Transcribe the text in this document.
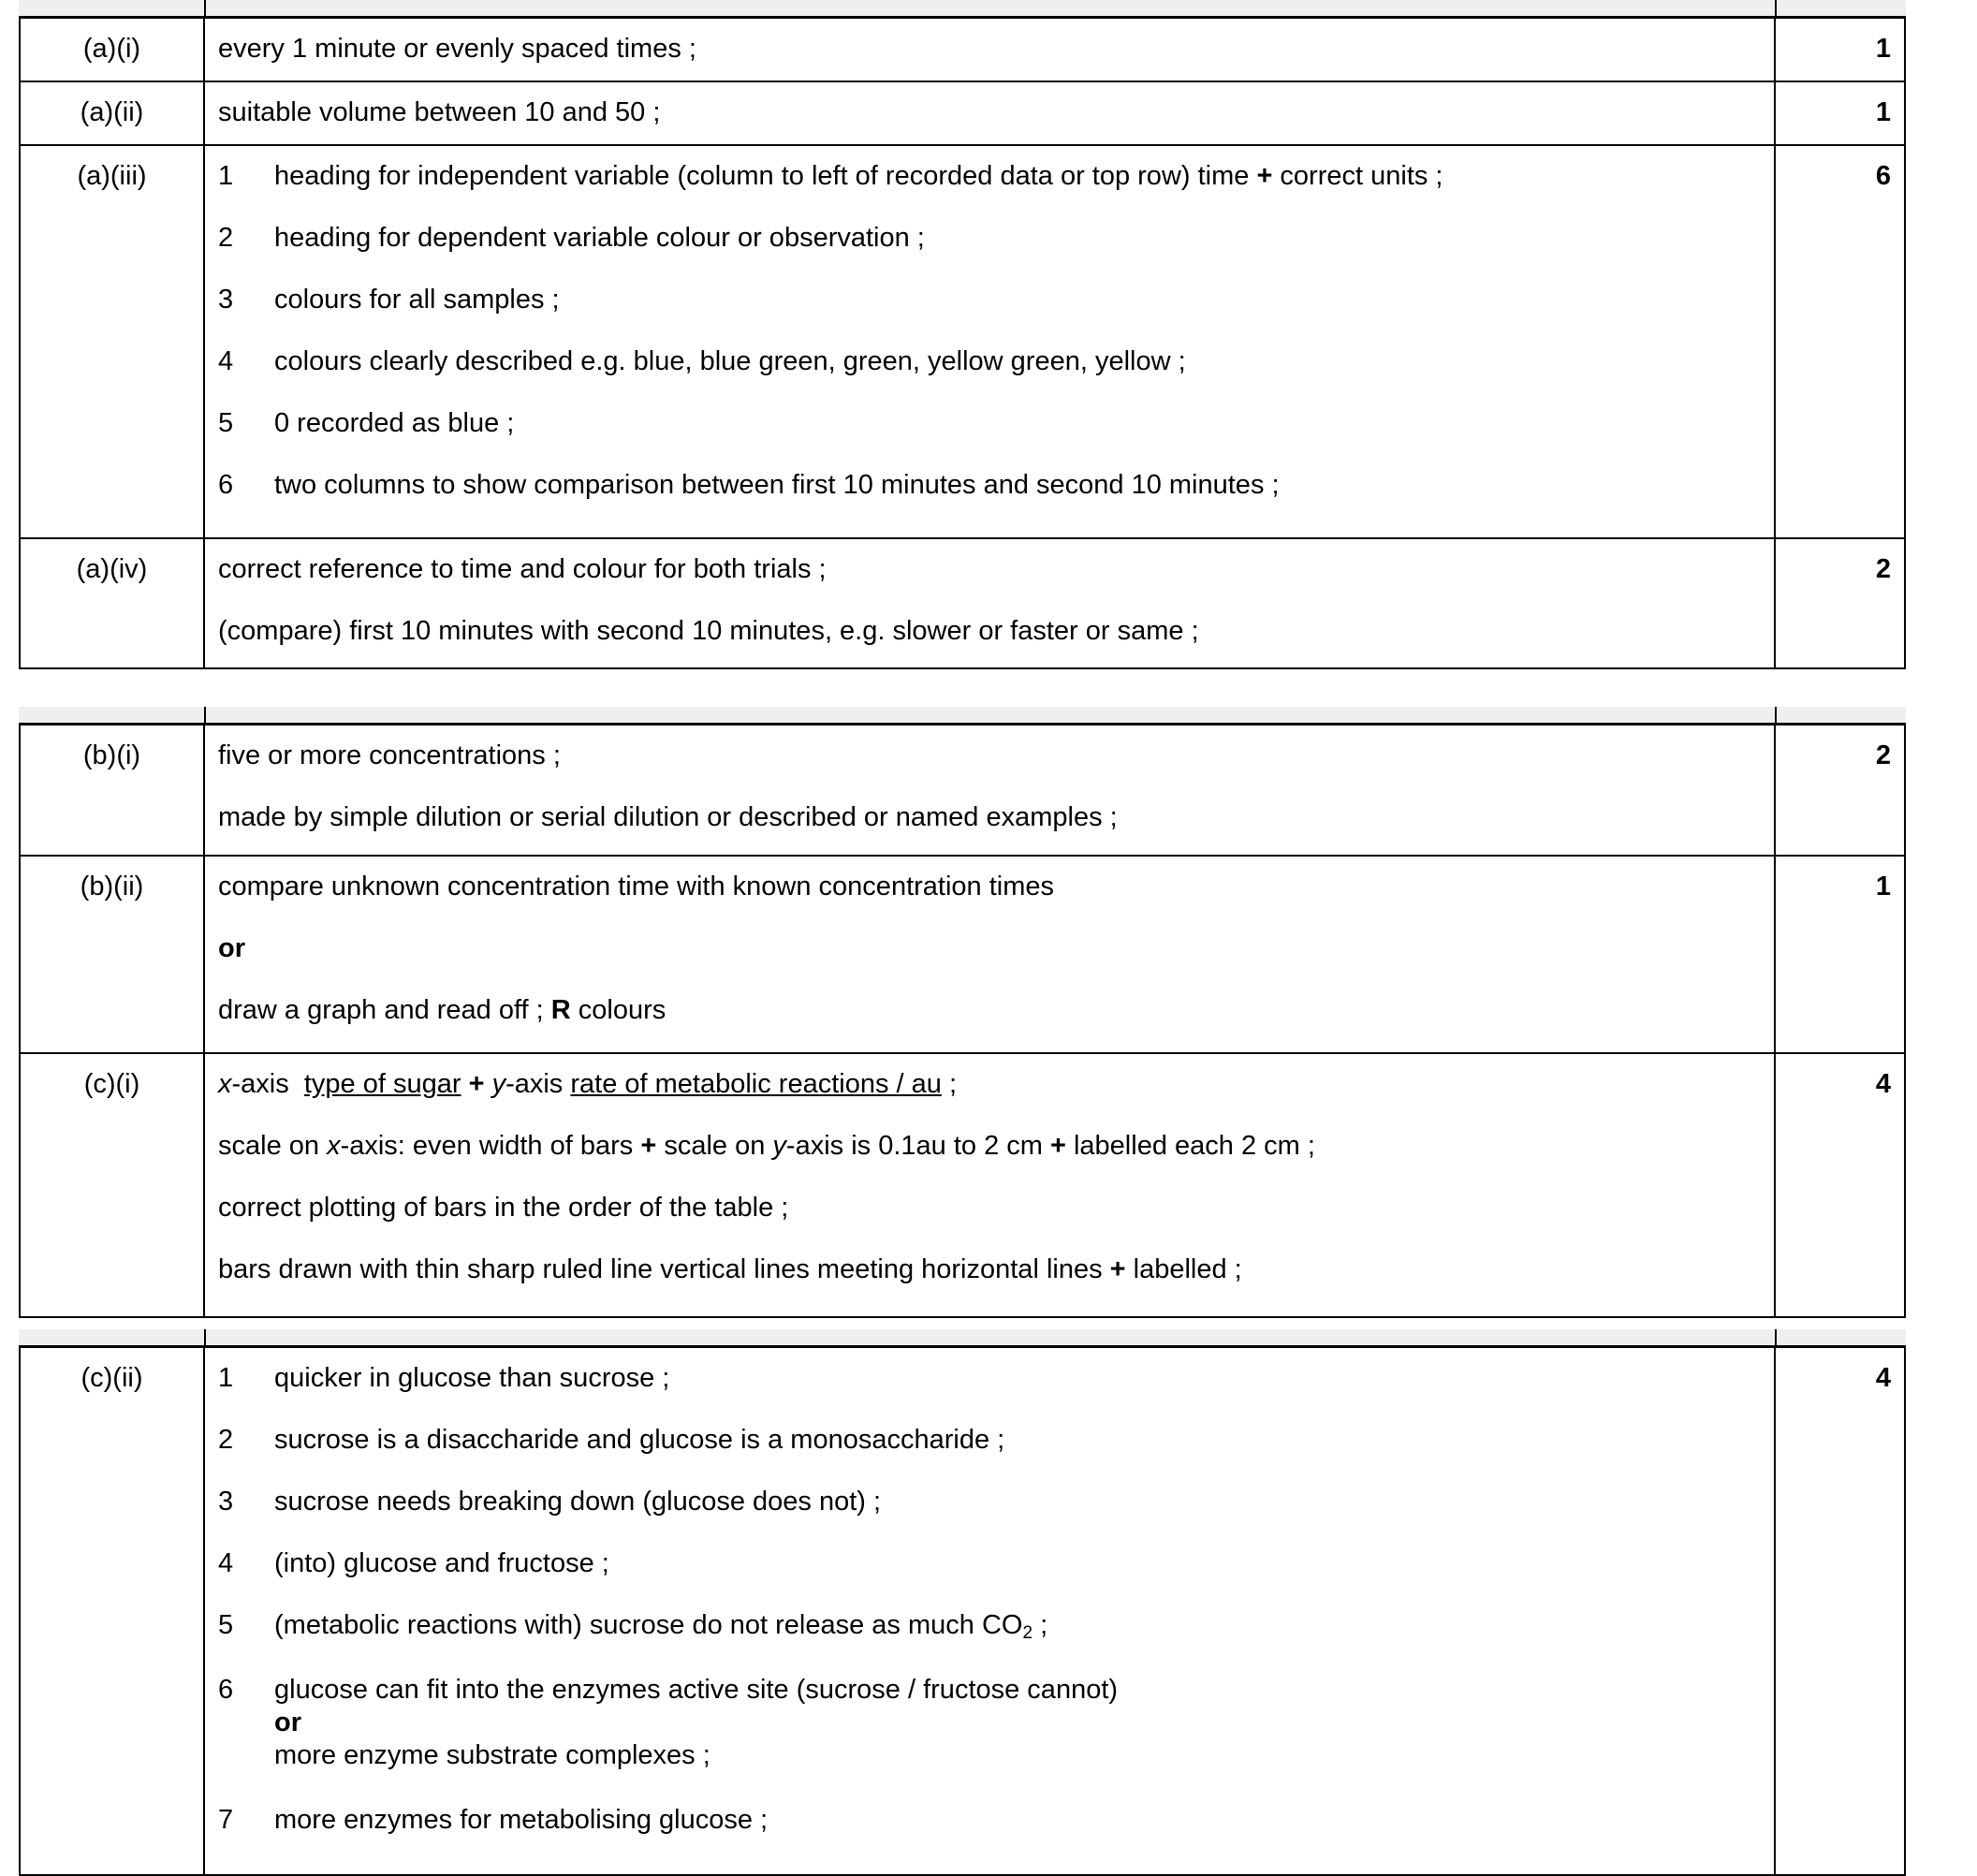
(a)(i)	every 1 minute or evenly spaced times ;	1
(a)(ii)	suitable volume between 10 and 50 ;	1
(a)(iii)	1 heading for independent variable (column to left of recorded data or top row) time + correct units ;
2 heading for dependent variable colour or observation ;
3 colours for all samples ;
4 colours clearly described e.g. blue, blue green, green, yellow green, yellow ;
5 0 recorded as blue ;
6 two columns to show comparison between first 10 minutes and second 10 minutes ;
6
(a)(iv)	correct reference to time and colour for both trials ;
(compare) first 10 minutes with second 10 minutes, e.g. slower or faster or same ;
2
(b)(i)	five or more concentrations ;
made by simple dilution or serial dilution or described or named examples ;
2
(b)(ii)	compare unknown concentration time with known concentration times
or
draw a graph and read off ; R colours
1
(c)(i)	x-axis  type of sugar + y-axis rate of metabolic reactions / au ;
scale on x-axis: even width of bars + scale on y-axis is 0.1au to 2 cm + labelled each 2 cm ;
correct plotting of bars in the order of the table ;
bars drawn with thin sharp ruled line vertical lines meeting horizontal lines + labelled ;
4
(c)(ii)	1 quicker in glucose than sucrose ;
2 sucrose is a disaccharide and glucose is a monosaccharide ;
3 sucrose needs breaking down (glucose does not) ;
4 (into) glucose and fructose ;
5 (metabolic reactions with) sucrose do not release as much $CO_2$ ;
6 glucose can fit into the enzymes active site (sucrose / fructose cannot)
or
more enzyme substrate complexes ;
7 more enzymes for metabolising glucose ;
4
